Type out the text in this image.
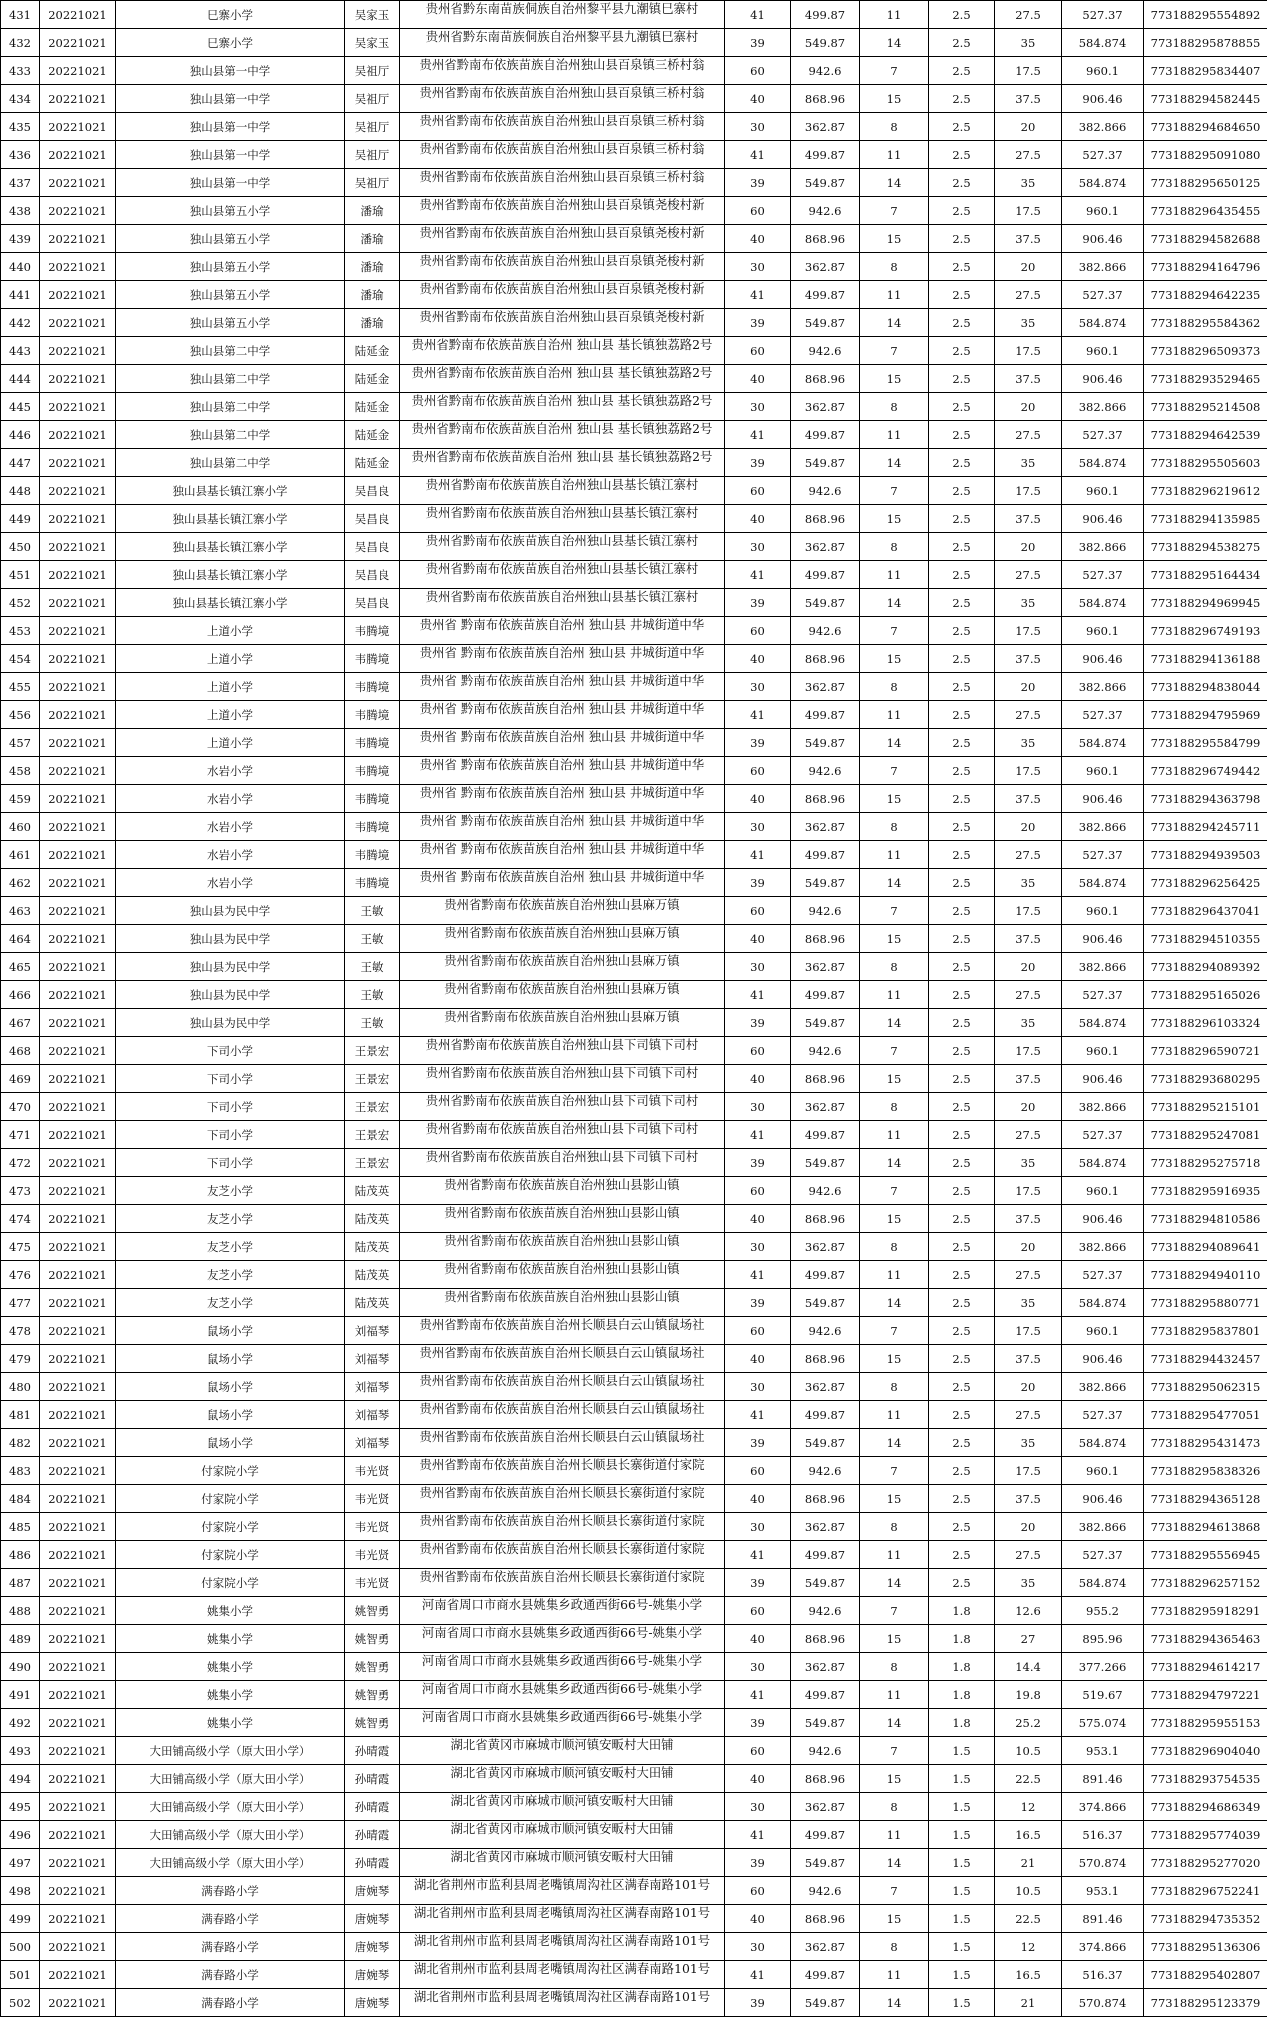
431	20221021	巳寨小学	吴家玉	贵州省黔东南苗族侗族自治州黎平县九潮镇巳寨村	41	499.87	11	2.5	27.5	527.37	773188295554892
432	20221021	巳寨小学	吴家玉	贵州省黔东南苗族侗族自治州黎平县九潮镇巳寨村	39	549.87	14	2.5	35	584.874	773188295878855
433	20221021	独山县第一中学	吴祖厅	贵州省黔南布依族苗族自治州独山县百泉镇三桥村翁	60	942.6	7	2.5	17.5	960.1	773188295834407
434	20221021	独山县第一中学	吴祖厅	贵州省黔南布依族苗族自治州独山县百泉镇三桥村翁	40	868.96	15	2.5	37.5	906.46	773188294582445
435	20221021	独山县第一中学	吴祖厅	贵州省黔南布依族苗族自治州独山县百泉镇三桥村翁	30	362.87	8	2.5	20	382.866	773188294684650
436	20221021	独山县第一中学	吴祖厅	贵州省黔南布依族苗族自治州独山县百泉镇三桥村翁	41	499.87	11	2.5	27.5	527.37	773188295091080
437	20221021	独山县第一中学	吴祖厅	贵州省黔南布依族苗族自治州独山县百泉镇三桥村翁	39	549.87	14	2.5	35	584.874	773188295650125
438	20221021	独山县第五小学	潘瑜	贵州省黔南布依族苗族自治州独山县百泉镇尧梭村新	60	942.6	7	2.5	17.5	960.1	773188296435455
439	20221021	独山县第五小学	潘瑜	贵州省黔南布依族苗族自治州独山县百泉镇尧梭村新	40	868.96	15	2.5	37.5	906.46	773188294582688
440	20221021	独山县第五小学	潘瑜	贵州省黔南布依族苗族自治州独山县百泉镇尧梭村新	30	362.87	8	2.5	20	382.866	773188294164796
441	20221021	独山县第五小学	潘瑜	贵州省黔南布依族苗族自治州独山县百泉镇尧梭村新	41	499.87	11	2.5	27.5	527.37	773188294642235
442	20221021	独山县第五小学	潘瑜	贵州省黔南布依族苗族自治州独山县百泉镇尧梭村新	39	549.87	14	2.5	35	584.874	773188295584362
443	20221021	独山县第二中学	陆延金	贵州省黔南布依族苗族自治州 独山县 基长镇独荔路2号	60	942.6	7	2.5	17.5	960.1	773188296509373
444	20221021	独山县第二中学	陆延金	贵州省黔南布依族苗族自治州 独山县 基长镇独荔路2号	40	868.96	15	2.5	37.5	906.46	773188293529465
445	20221021	独山县第二中学	陆延金	贵州省黔南布依族苗族自治州 独山县 基长镇独荔路2号	30	362.87	8	2.5	20	382.866	773188295214508
446	20221021	独山县第二中学	陆延金	贵州省黔南布依族苗族自治州 独山县 基长镇独荔路2号	41	499.87	11	2.5	27.5	527.37	773188294642539
447	20221021	独山县第二中学	陆延金	贵州省黔南布依族苗族自治州 独山县 基长镇独荔路2号	39	549.87	14	2.5	35	584.874	773188295505603
448	20221021	独山县基长镇江寨小学	吴昌良	贵州省黔南布依族苗族自治州独山县基长镇江寨村	60	942.6	7	2.5	17.5	960.1	773188296219612
449	20221021	独山县基长镇江寨小学	吴昌良	贵州省黔南布依族苗族自治州独山县基长镇江寨村	40	868.96	15	2.5	37.5	906.46	773188294135985
450	20221021	独山县基长镇江寨小学	吴昌良	贵州省黔南布依族苗族自治州独山县基长镇江寨村	30	362.87	8	2.5	20	382.866	773188294538275
451	20221021	独山县基长镇江寨小学	吴昌良	贵州省黔南布依族苗族自治州独山县基长镇江寨村	41	499.87	11	2.5	27.5	527.37	773188295164434
452	20221021	独山县基长镇江寨小学	吴昌良	贵州省黔南布依族苗族自治州独山县基长镇江寨村	39	549.87	14	2.5	35	584.874	773188294969945
453	20221021	上道小学	韦腾境	贵州省 黔南布依族苗族自治州 独山县 井城街道中华	60	942.6	7	2.5	17.5	960.1	773188296749193
454	20221021	上道小学	韦腾境	贵州省 黔南布依族苗族自治州 独山县 井城街道中华	40	868.96	15	2.5	37.5	906.46	773188294136188
455	20221021	上道小学	韦腾境	贵州省 黔南布依族苗族自治州 独山县 井城街道中华	30	362.87	8	2.5	20	382.866	773188294838044
456	20221021	上道小学	韦腾境	贵州省 黔南布依族苗族自治州 独山县 井城街道中华	41	499.87	11	2.5	27.5	527.37	773188294795969
457	20221021	上道小学	韦腾境	贵州省 黔南布依族苗族自治州 独山县 井城街道中华	39	549.87	14	2.5	35	584.874	773188295584799
458	20221021	水岩小学	韦腾境	贵州省 黔南布依族苗族自治州 独山县 井城街道中华	60	942.6	7	2.5	17.5	960.1	773188296749442
459	20221021	水岩小学	韦腾境	贵州省 黔南布依族苗族自治州 独山县 井城街道中华	40	868.96	15	2.5	37.5	906.46	773188294363798
460	20221021	水岩小学	韦腾境	贵州省 黔南布依族苗族自治州 独山县 井城街道中华	30	362.87	8	2.5	20	382.866	773188294245711
461	20221021	水岩小学	韦腾境	贵州省 黔南布依族苗族自治州 独山县 井城街道中华	41	499.87	11	2.5	27.5	527.37	773188294939503
462	20221021	水岩小学	韦腾境	贵州省 黔南布依族苗族自治州 独山县 井城街道中华	39	549.87	14	2.5	35	584.874	773188296256425
463	20221021	独山县为民中学	王敏	贵州省黔南布依族苗族自治州独山县麻万镇	60	942.6	7	2.5	17.5	960.1	773188296437041
464	20221021	独山县为民中学	王敏	贵州省黔南布依族苗族自治州独山县麻万镇	40	868.96	15	2.5	37.5	906.46	773188294510355
465	20221021	独山县为民中学	王敏	贵州省黔南布依族苗族自治州独山县麻万镇	30	362.87	8	2.5	20	382.866	773188294089392
466	20221021	独山县为民中学	王敏	贵州省黔南布依族苗族自治州独山县麻万镇	41	499.87	11	2.5	27.5	527.37	773188295165026
467	20221021	独山县为民中学	王敏	贵州省黔南布依族苗族自治州独山县麻万镇	39	549.87	14	2.5	35	584.874	773188296103324
468	20221021	下司小学	王景宏	贵州省黔南布依族苗族自治州独山县下司镇下司村	60	942.6	7	2.5	17.5	960.1	773188296590721
469	20221021	下司小学	王景宏	贵州省黔南布依族苗族自治州独山县下司镇下司村	40	868.96	15	2.5	37.5	906.46	773188293680295
470	20221021	下司小学	王景宏	贵州省黔南布依族苗族自治州独山县下司镇下司村	30	362.87	8	2.5	20	382.866	773188295215101
471	20221021	下司小学	王景宏	贵州省黔南布依族苗族自治州独山县下司镇下司村	41	499.87	11	2.5	27.5	527.37	773188295247081
472	20221021	下司小学	王景宏	贵州省黔南布依族苗族自治州独山县下司镇下司村	39	549.87	14	2.5	35	584.874	773188295275718
473	20221021	友芝小学	陆茂英	贵州省黔南布依族苗族自治州独山县影山镇	60	942.6	7	2.5	17.5	960.1	773188295916935
474	20221021	友芝小学	陆茂英	贵州省黔南布依族苗族自治州独山县影山镇	40	868.96	15	2.5	37.5	906.46	773188294810586
475	20221021	友芝小学	陆茂英	贵州省黔南布依族苗族自治州独山县影山镇	30	362.87	8	2.5	20	382.866	773188294089641
476	20221021	友芝小学	陆茂英	贵州省黔南布依族苗族自治州独山县影山镇	41	499.87	11	2.5	27.5	527.37	773188294940110
477	20221021	友芝小学	陆茂英	贵州省黔南布依族苗族自治州独山县影山镇	39	549.87	14	2.5	35	584.874	773188295880771
478	20221021	鼠场小学	刘福琴	贵州省黔南布依族苗族自治州长顺县白云山镇鼠场社	60	942.6	7	2.5	17.5	960.1	773188295837801
479	20221021	鼠场小学	刘福琴	贵州省黔南布依族苗族自治州长顺县白云山镇鼠场社	40	868.96	15	2.5	37.5	906.46	773188294432457
480	20221021	鼠场小学	刘福琴	贵州省黔南布依族苗族自治州长顺县白云山镇鼠场社	30	362.87	8	2.5	20	382.866	773188295062315
481	20221021	鼠场小学	刘福琴	贵州省黔南布依族苗族自治州长顺县白云山镇鼠场社	41	499.87	11	2.5	27.5	527.37	773188295477051
482	20221021	鼠场小学	刘福琴	贵州省黔南布依族苗族自治州长顺县白云山镇鼠场社	39	549.87	14	2.5	35	584.874	773188295431473
483	20221021	付家院小学	韦光贤	贵州省黔南布依族苗族自治州长顺县长寨街道付家院	60	942.6	7	2.5	17.5	960.1	773188295838326
484	20221021	付家院小学	韦光贤	贵州省黔南布依族苗族自治州长顺县长寨街道付家院	40	868.96	15	2.5	37.5	906.46	773188294365128
485	20221021	付家院小学	韦光贤	贵州省黔南布依族苗族自治州长顺县长寨街道付家院	30	362.87	8	2.5	20	382.866	773188294613868
486	20221021	付家院小学	韦光贤	贵州省黔南布依族苗族自治州长顺县长寨街道付家院	41	499.87	11	2.5	27.5	527.37	773188295556945
487	20221021	付家院小学	韦光贤	贵州省黔南布依族苗族自治州长顺县长寨街道付家院	39	549.87	14	2.5	35	584.874	773188296257152
488	20221021	姚集小学	姚智勇	河南省周口市商水县姚集乡政通西街66号-姚集小学	60	942.6	7	1.8	12.6	955.2	773188295918291
489	20221021	姚集小学	姚智勇	河南省周口市商水县姚集乡政通西街66号-姚集小学	40	868.96	15	1.8	27	895.96	773188294365463
490	20221021	姚集小学	姚智勇	河南省周口市商水县姚集乡政通西街66号-姚集小学	30	362.87	8	1.8	14.4	377.266	773188294614217
491	20221021	姚集小学	姚智勇	河南省周口市商水县姚集乡政通西街66号-姚集小学	41	499.87	11	1.8	19.8	519.67	773188294797221
492	20221021	姚集小学	姚智勇	河南省周口市商水县姚集乡政通西街66号-姚集小学	39	549.87	14	1.8	25.2	575.074	773188295955153
493	20221021	大田铺高级小学（原大田小学）	孙晴霞	湖北省黄冈市麻城市顺河镇安畈村大田铺	60	942.6	7	1.5	10.5	953.1	773188296904040
494	20221021	大田铺高级小学（原大田小学）	孙晴霞	湖北省黄冈市麻城市顺河镇安畈村大田铺	40	868.96	15	1.5	22.5	891.46	773188293754535
495	20221021	大田铺高级小学（原大田小学）	孙晴霞	湖北省黄冈市麻城市顺河镇安畈村大田铺	30	362.87	8	1.5	12	374.866	773188294686349
496	20221021	大田铺高级小学（原大田小学）	孙晴霞	湖北省黄冈市麻城市顺河镇安畈村大田铺	41	499.87	11	1.5	16.5	516.37	773188295774039
497	20221021	大田铺高级小学（原大田小学）	孙晴霞	湖北省黄冈市麻城市顺河镇安畈村大田铺	39	549.87	14	1.5	21	570.874	773188295277020
498	20221021	满春路小学	唐婉琴	湖北省荆州市监利县周老嘴镇周沟社区满春南路101号	60	942.6	7	1.5	10.5	953.1	773188296752241
499	20221021	满春路小学	唐婉琴	湖北省荆州市监利县周老嘴镇周沟社区满春南路101号	40	868.96	15	1.5	22.5	891.46	773188294735352
500	20221021	满春路小学	唐婉琴	湖北省荆州市监利县周老嘴镇周沟社区满春南路101号	30	362.87	8	1.5	12	374.866	773188295136306
501	20221021	满春路小学	唐婉琴	湖北省荆州市监利县周老嘴镇周沟社区满春南路101号	41	499.87	11	1.5	16.5	516.37	773188295402807
502	20221021	满春路小学	唐婉琴	湖北省荆州市监利县周老嘴镇周沟社区满春南路101号	39	549.87	14	1.5	21	570.874	773188295123379
